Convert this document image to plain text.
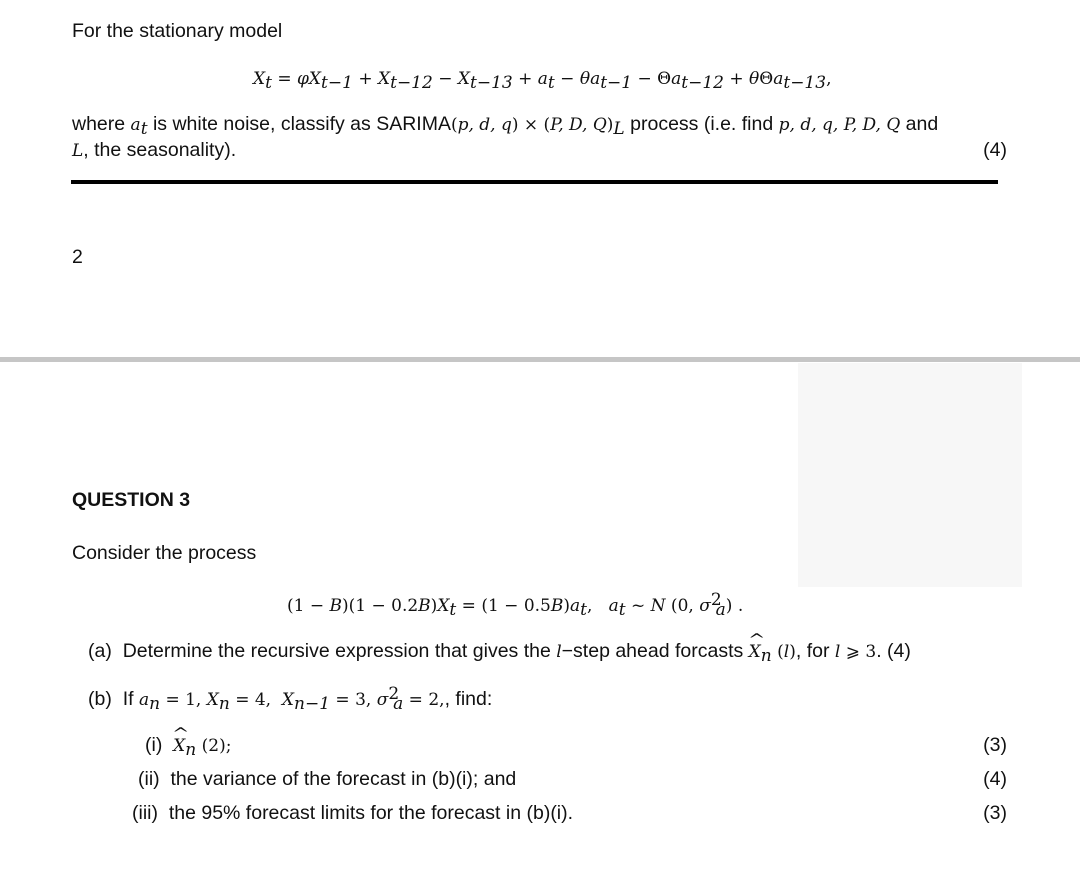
For the stationary model
$X_t = \varphi X_{t-1} + X_{t-12} - X_{t-13} + a_t - \theta a_{t-1} - \Theta a_{t-12} + \theta\Theta a_{t-13}$,
where $a_t$ is white noise, classify as SARIMA(p, d, q) × (P, D, $Q)_L$ process (i.e. find p, d, q, P, D, Q and
L, the seasonality).	(4)
2
QUESTION 3
Consider the process
$(1 - B)(1 - 0.2B)X_t = (1 - 0.5B)a_t$,   $a_t$ ~ N (0, $\sigma^2_a$) .
(a) Determine the recursive expression that gives the l−step ahead forcasts ^ $X_n$ (l), for l ⩾ 3. (4)
(b) If $a_n = 1$, $X_n = 4$,  $X_{n-1} = 3$, $\sigma^2_a = 2$,, find:
(i)  ^ $X_n$ (2);	(3)
(ii) the variance of the forecast in (b)(i); and	(4)
(iii) the 95% forecast limits for the forecast in (b)(i).	(3)
